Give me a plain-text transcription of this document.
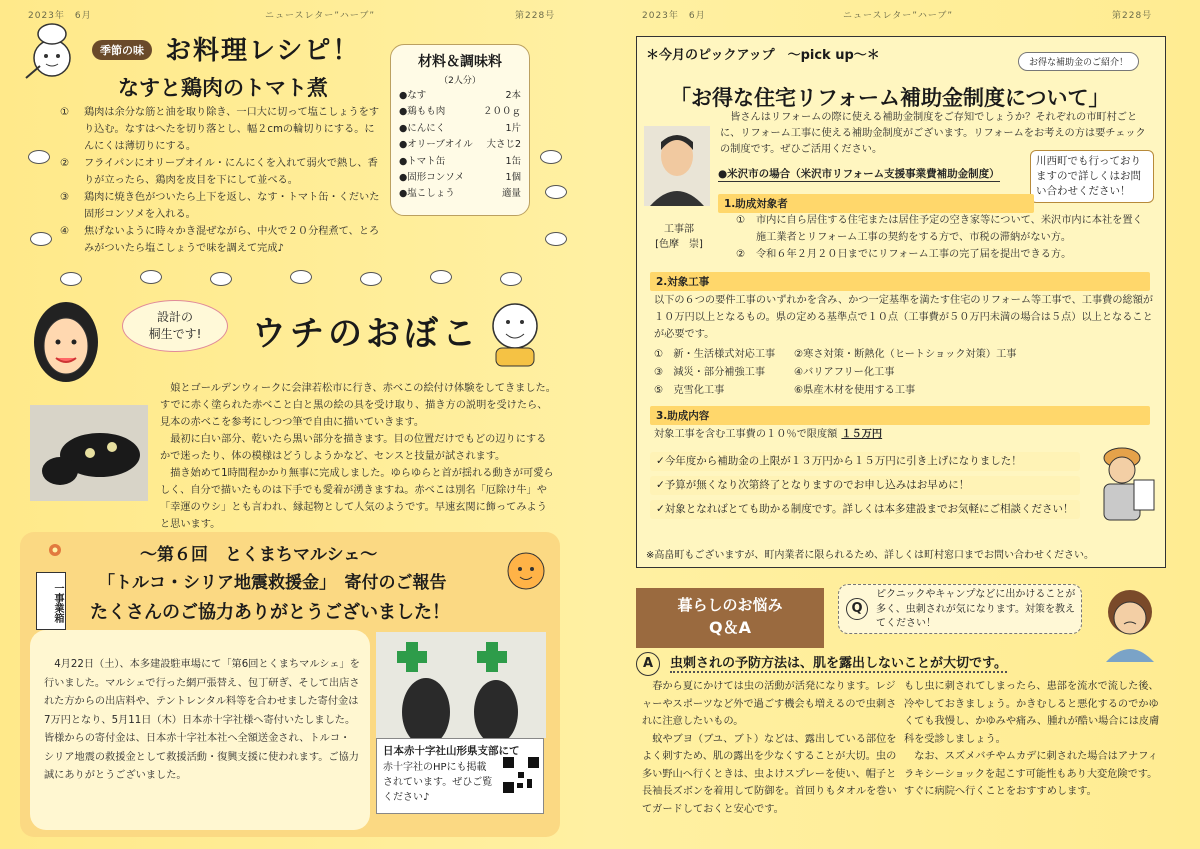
2023年　6月	ニュースレター”ハーブ”	第228号
季節の味 お料理レシピ！
なすと鶏肉のトマト煮
①	鶏肉は余分な筋と油を取り除き、一口大に切って塩こしょうをすり込む。なすはへたを切り落とし、幅２cmの輪切りにする。にんにくは薄切りにする。
②	フライパンにオリーブオイル・にんにくを入れて弱火で熱し、香りが立ったら、鶏肉を皮目を下にして並べる。
③	鶏肉に焼き色がついたら上下を返し、なす・トマト缶・くだいた固形コンソメを入れる。
④	焦げないように時々かき混ぜながら、中火で２０分程煮て、とろみがついたら塩こしょうで味を調えて完成♪
材料＆調味料
（2人分）
●なす	2本
●鶏もも肉	２００ｇ
●にんにく	1片
●オリーブオイル 大さじ2
●トマト缶	1缶
●固形コンソメ	1個
●塩こしょう	適量
設計の
桐生です!	ウチのおぼこ

娘とゴールデンウィークに会津若松市に行き、赤べこの絵付け体験をしてきました。すでに赤く塗られた赤べこと白と黒の絵の具を受け取り、描き方の説明を受けたら、見本の赤べこを参考にしつつ筆で自由に描いていきます。

最初に白い部分、乾いたら黒い部分を描きます。目の位置だけでもどの辺りにするかで迷ったり、体の模様はどうしようかなど、センスと技量が試されます。

描き始めて1時間程かかり無事に完成しました。ゆらゆらと首が揺れる動きが可愛らしく、自分で描いたものは下手でも愛着が湧きますね。赤べこは別名「厄除け牛」や「幸運のウシ」とも言われ、縁起物として人気のようです。早速玄関に飾ってみようと思います。

～第６回　とくまちマルシェ～
「トルコ・シリア地震救援金」　 寄付のご報告
たくさんのご協力ありがとうございました！
一事業箱
4月22日（土）、本多建設駐車場にて「第6回とくまちマルシェ」を行いました。マルシェで行った網戸張替え、包丁研ぎ、そして出店された方からの出店料や、テントレンタル料等を合わせました寄付金は7万円となり、5月11日（木）日本赤十字社様へ寄付いたしました。皆様からの寄付金は、日本赤十字社本社へ全額送金され、トルコ・シリア地震の救援金として救援活動・復興支援に使われます。ご協力誠にありがとうございました。
日本赤十字社山形県支部にて
赤十字社のHPにも掲載されています。ぜひご覧ください♪
2023年　6月	ニュースレター”ハーブ”	第228号
＊今月のピックアップ　～pick up～＊	お得な補助金のご紹介！
「お得な住宅リフォーム補助金制度について」
工事部
[色摩　崇]
皆さんはリフォームの際に使える補助金制度をご存知でしょうか？それぞれの市町村ごとに、リフォーム工事に使える補助金制度がございます。リフォームをお考えの方は要チェックの制度です。ぜひご活用ください。
●米沢市の場合（米沢市リフォーム支援事業費補助金制度）
川西町でも行っておりますので詳しくはお問い合わせください！
1.助成対象者
①	市内に自ら居住する住宅または居住予定の空き家等について、米沢市内に本社を置く施工業者とリフォーム工事の契約をする方で、市税の滞納がない方。
②	令和６年２月２０日までにリフォーム工事の完了届を提出できる方。
2.対象工事
以下の６つの要件工事のいずれかを含み、かつ一定基準を満たす住宅のリフォーム等工事で、工事費の総額が１０万円以上となるもの。県の定める基準点で１０点（工事費が５０万円未満の場合は５点）以上となることが必要です。
①　新・生活様式対応工事	②寒さ対策・断熱化（ヒートショック対策）工事
③　減災・部分補強工事	④バリアフリー化工事
⑤　克雪化工事	⑥県産木材を使用する工事
3.助成内容
対象工事を含む工事費の１０％で限度額 １５万円
✓今年度から補助金の上限が１３万円から１５万円に引き上げになりました！
✓予算が無くなり次第終了となりますのでお申し込みはお早めに！
✓対象となればとても助かる制度です。詳しくは本多建設までお気軽にご相談ください！
※高畠町もございますが、町内業者に限られるため、詳しくは町村窓口までお問い合わせください。
暮らしのお悩み
Q＆A
Q
ピクニックやキャンプなどに出かけることが多く、虫刺されが気になります。対策を教えてください！
A	虫刺されの予防方法は、肌を露出しないことが大切です。

春から夏にかけては虫の活動が活発になります。レジャーやスポーツなど外で過ごす機会も増えるので虫刺されに注意したいもの。

蚊やブヨ（ブユ、ブト）などは、露出している部位をよく刺すため、肌の露出を少なくすることが大切。虫の多い野山へ行くときは、虫よけスプレーを使い、帽子と長袖長ズボンを着用して防御を。首回りもタオルを巻いてガードしておくと安心です。

もし虫に刺されてしまったら、患部を流水で流した後、冷やしておきましょう。かきむしると悪化するのでかゆくても我慢し、かゆみや痛み、腫れが酷い場合には皮膚科を受診しましょう。

なお、スズメバチやムカデに刺された場合はアナフィラキシーショックを起こす可能性もあり大変危険です。すぐに病院へ行くことをおすすめします。
